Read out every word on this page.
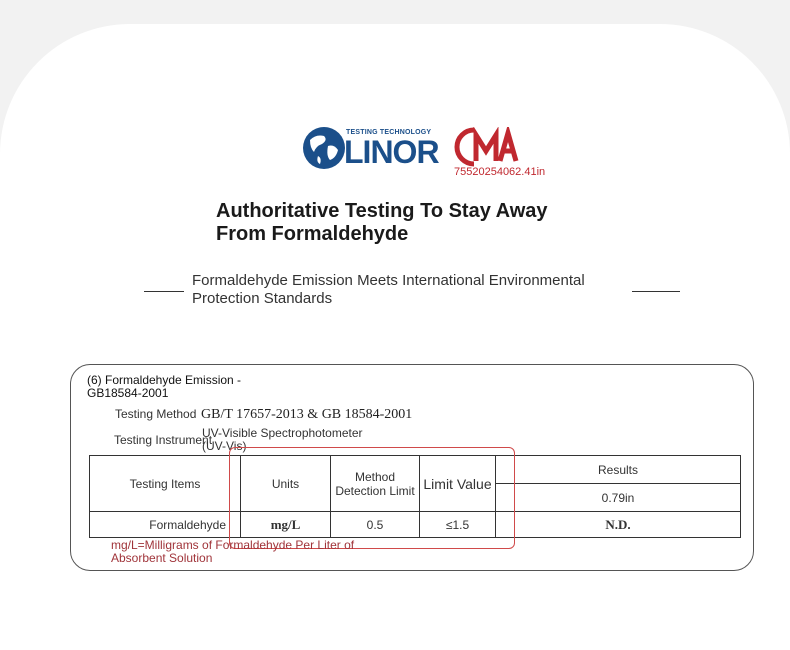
TESTING TECHNOLOGY
LINOR
75520254062.41in
Authoritative Testing To Stay Away From Formaldehyde
Formaldehyde Emission Meets International Environmental Protection Standards
(6) Formaldehyde Emission - GB18584-2001
Testing Method GB/T 17657-2013 & GB 18584-2001
Testing Instrument
UV-Visible Spectrophotometer (UV-Vis)
Testing Items	Units	Method Detection Limit	Limit Value	Results
				0.79in
Formaldehyde	mg/L	0.5	≤1.5	N.D.
mg/L=Milligrams of Formaldehyde Per Liter of Absorbent Solution
